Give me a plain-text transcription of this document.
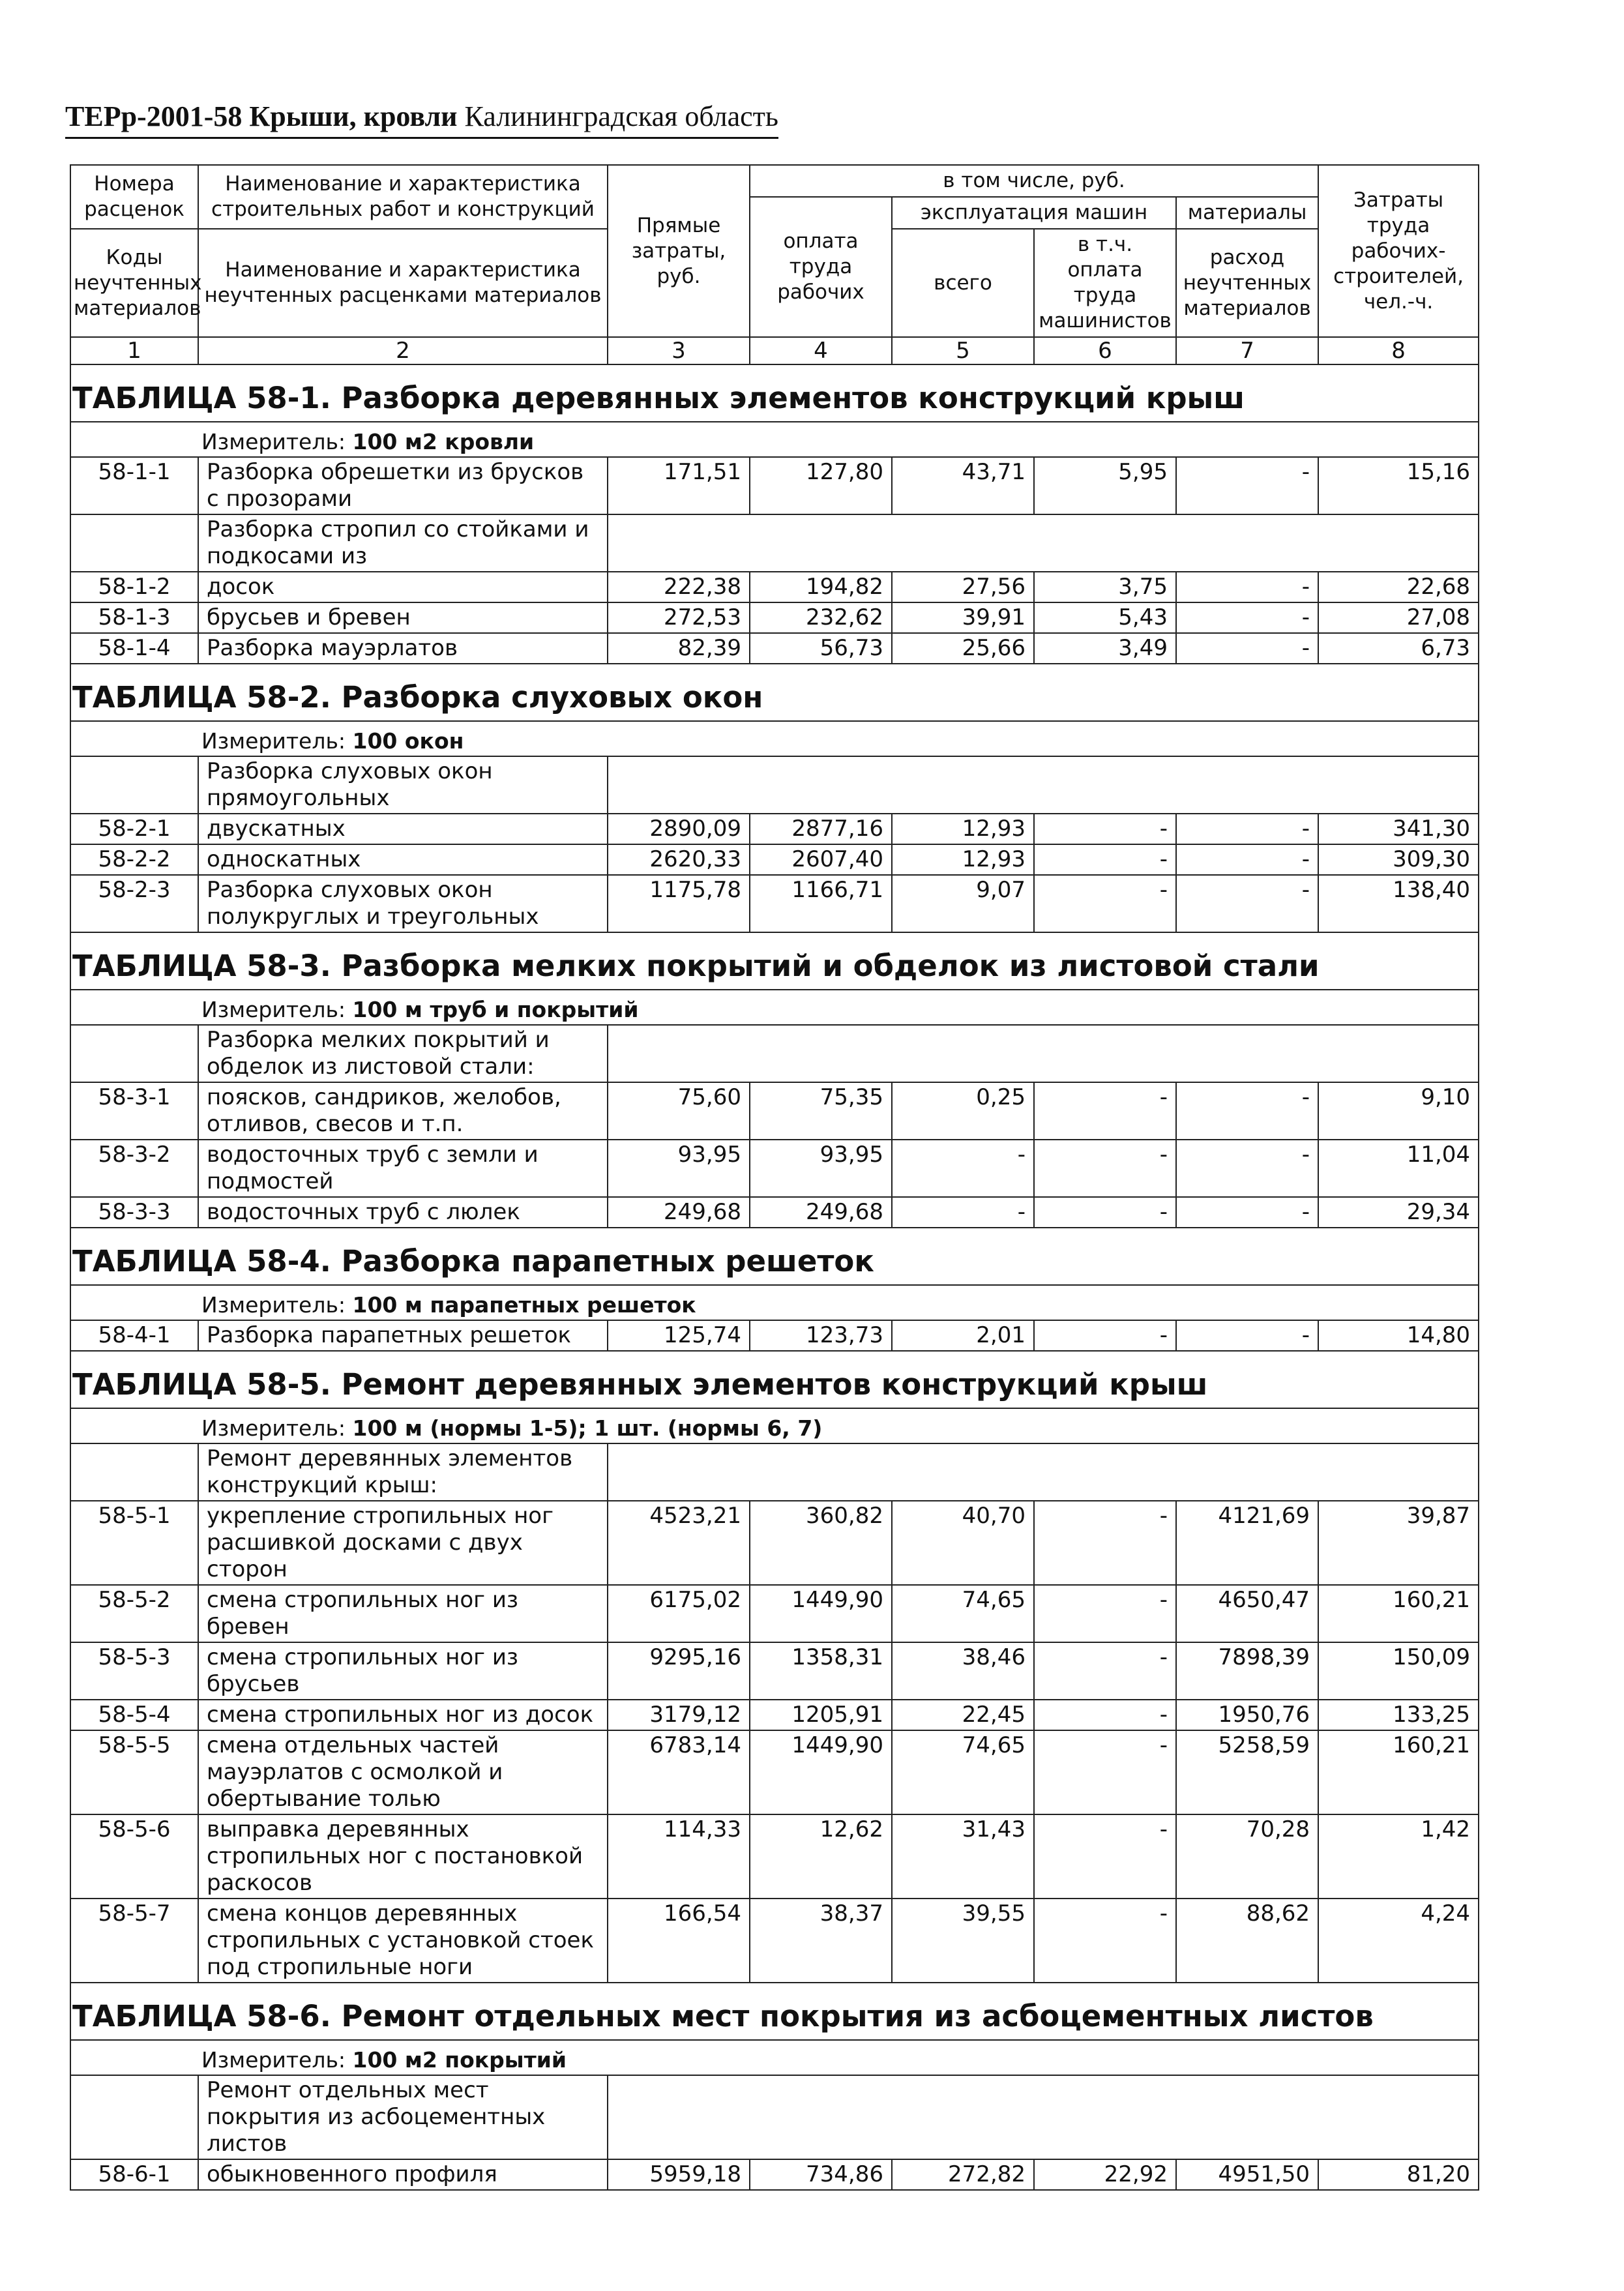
ТЕРр-2001-58 Крыши, кровли Калининградская область
Номера расценок	Наименование и характеристика строительных работ и конструкций	Прямые затраты, руб.	в том числе, руб.				Затраты труда рабочих-строителей, чел.-ч.
			оплата труда рабочих	эксплуатация машин		материалы	
Коды неучтенных материалов	Наименование и характеристика неучтенных расценками материалов			всего	в т.ч. оплата труда машинистов	расход неучтенных материалов	

1	2	3	4	5	6	7	8
ТАБЛИЦА 58-1. Разборка деревянных элементов конструкций крыш							
Измеритель: 100 м2 кровли							
58-1-1	Разборка обрешетки из брусков с прозорами	171,51	127,80	43,71	5,95	-	15,16
	Разборка стропил со стойками и подкосами из						
58-1-2	досок	222,38	194,82	27,56	3,75	-	22,68
58-1-3	брусьев и бревен	272,53	232,62	39,91	5,43	-	27,08
58-1-4	Разборка мауэрлатов	82,39	56,73	25,66	3,49	-	6,73
ТАБЛИЦА 58-2. Разборка слуховых окон							
Измеритель: 100 окон							
	Разборка слуховых окон прямоугольных						
58-2-1	двускатных	2890,09	2877,16	12,93	-	-	341,30
58-2-2	односкатных	2620,33	2607,40	12,93	-	-	309,30
58-2-3	Разборка слуховых окон полукруглых и треугольных	1175,78	1166,71	9,07	-	-	138,40
ТАБЛИЦА 58-3. Разборка мелких покрытий и обделок из листовой стали							
Измеритель: 100 м труб и покрытий							
	Разборка мелких покрытий и обделок из листовой стали:						
58-3-1	поясков, сандриков, желобов, отливов, свесов и т.п.	75,60	75,35	0,25	-	-	9,10
58-3-2	водосточных труб с земли и подмостей	93,95	93,95	-	-	-	11,04
58-3-3	водосточных труб с люлек	249,68	249,68	-	-	-	29,34
ТАБЛИЦА 58-4. Разборка парапетных решеток							
Измеритель: 100 м парапетных решеток							
58-4-1	Разборка парапетных решеток	125,74	123,73	2,01	-	-	14,80
ТАБЛИЦА 58-5. Ремонт деревянных элементов конструкций крыш							
Измеритель: 100 м (нормы 1-5); 1 шт. (нормы 6, 7)							
	Ремонт деревянных элементов конструкций крыш:						
58-5-1	укрепление стропильных ног расшивкой досками с двух сторон	4523,21	360,82	40,70	-	4121,69	39,87
58-5-2	смена стропильных ног из бревен	6175,02	1449,90	74,65	-	4650,47	160,21
58-5-3	смена стропильных ног из брусьев	9295,16	1358,31	38,46	-	7898,39	150,09
58-5-4	смена стропильных ног из досок	3179,12	1205,91	22,45	-	1950,76	133,25
58-5-5	смена отдельных частей мауэрлатов с осмолкой и обертывание толью	6783,14	1449,90	74,65	-	5258,59	160,21
58-5-6	выправка деревянных стропильных ног с постановкой раскосов	114,33	12,62	31,43	-	70,28	1,42
58-5-7	смена концов деревянных стропильных с установкой стоек под стропильные ноги	166,54	38,37	39,55	-	88,62	4,24
ТАБЛИЦА 58-6. Ремонт отдельных мест покрытия из асбоцементных листов							
Измеритель: 100 м2 покрытий							
	Ремонт отдельных мест покрытия из асбоцементных листов						
58-6-1	обыкновенного профиля	5959,18	734,86	272,82	22,92	4951,50	81,20
